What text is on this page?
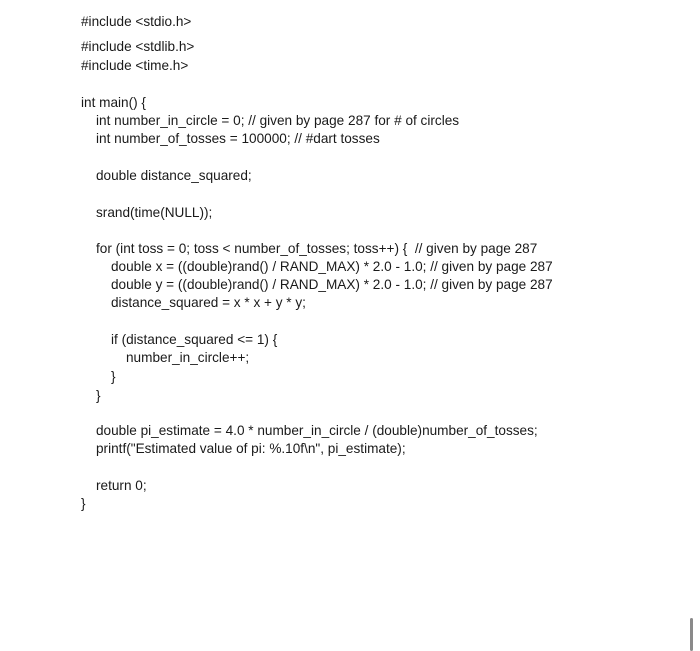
#include <stdio.h>
#include <stdlib.h>
#include <time.h>
int main() {
int number_in_circle = 0; // given by page 287 for # of circles
int number_of_tosses = 100000; // #dart tosses
double distance_squared;
srand(time(NULL));
for (int toss = 0; toss < number_of_tosses; toss++) {  // given by page 287
double x = ((double)rand() / RAND_MAX) * 2.0 - 1.0; // given by page 287
double y = ((double)rand() / RAND_MAX) * 2.0 - 1.0; // given by page 287
distance_squared = x * x + y * y;
if (distance_squared <= 1) {
number_in_circle++;
}
}
double pi_estimate = 4.0 * number_in_circle / (double)number_of_tosses;
printf("Estimated value of pi: %.10f\n", pi_estimate);
return 0;
}
